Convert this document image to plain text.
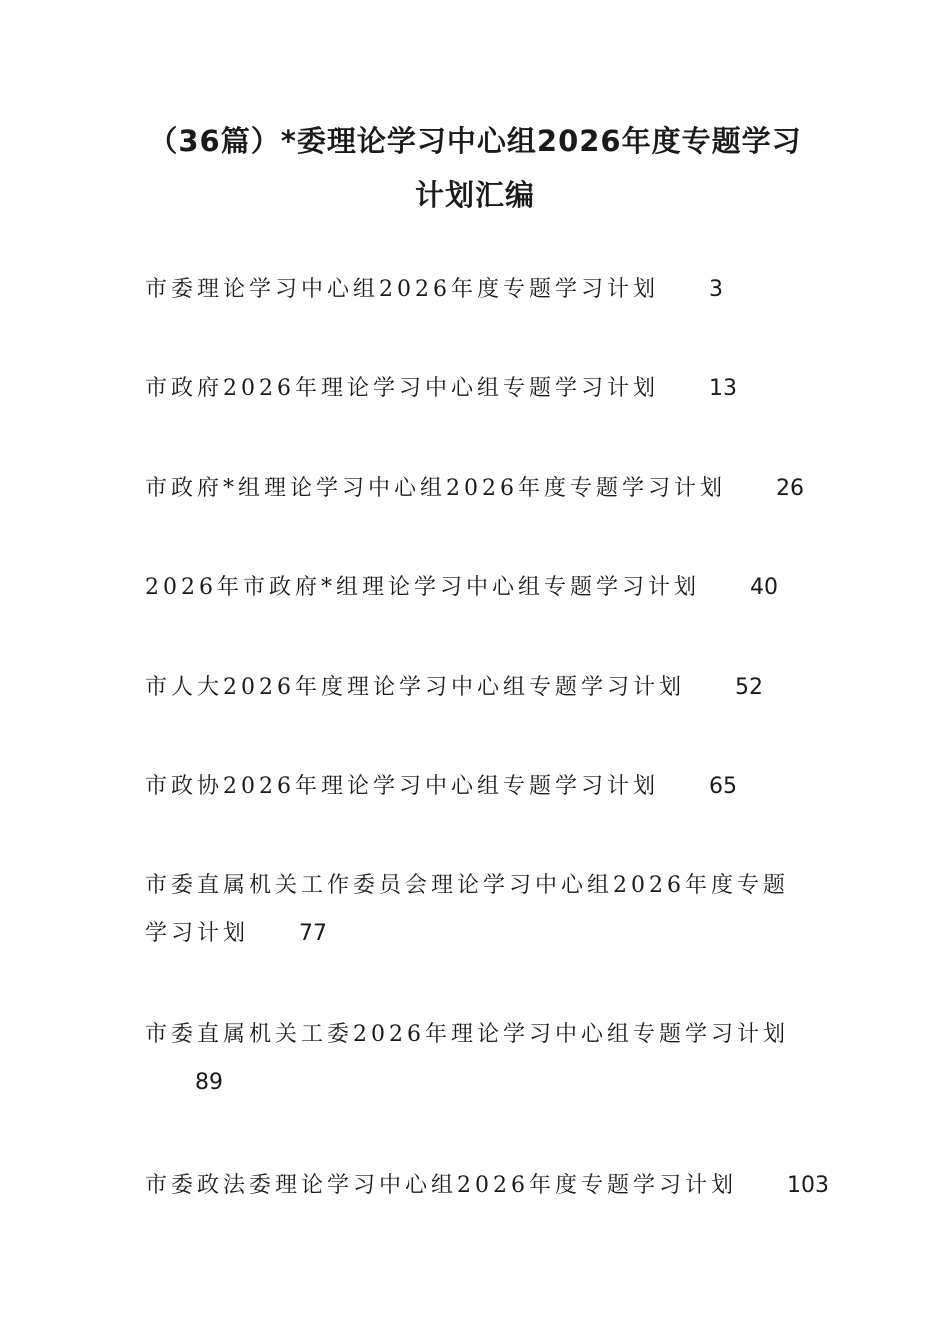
（36篇）*委理论学习中心组2026年度专题学习计划汇编
市委理论学习中心组2026年度专题学习计划 3
市政府2026年理论学习中心组专题学习计划 13
市政府*组理论学习中心组2026年度专题学习计划 26
2026年市政府*组理论学习中心组专题学习计划 40
市人大2026年度理论学习中心组专题学习计划 52
市政协2026年理论学习中心组专题学习计划 65
市委直属机关工作委员会理论学习中心组2026年度专题学习计划 77
市委直属机关工委2026年理论学习中心组专题学习计划89
市委政法委理论学习中心组2026年度专题学习计划 103
